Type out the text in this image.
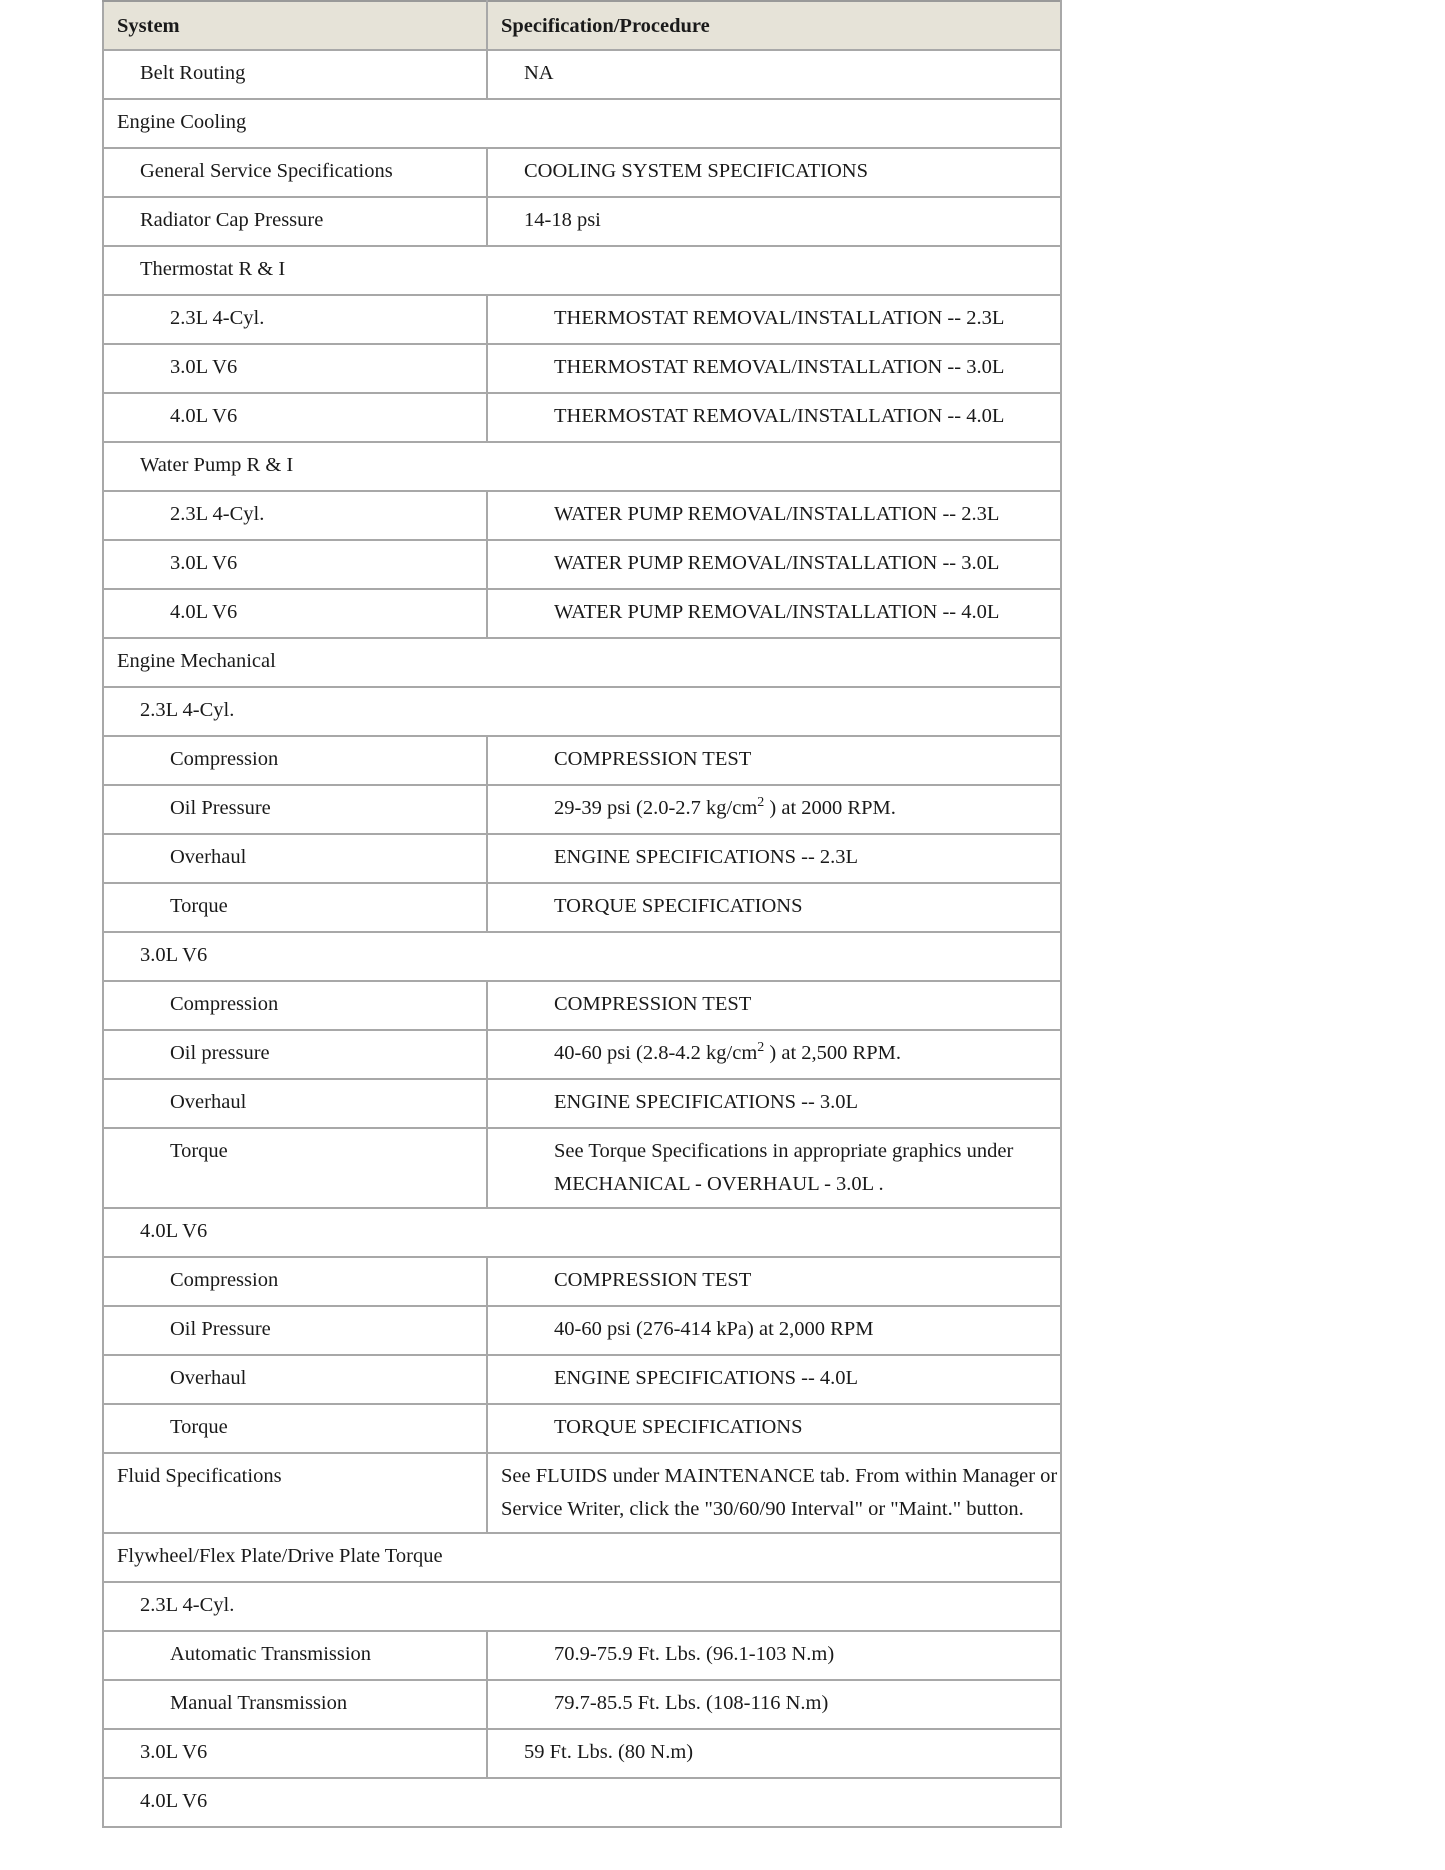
System	Specification/Procedure
Belt Routing	NA
Engine Cooling	
General Service Specifications	COOLING SYSTEM SPECIFICATIONS
Radiator Cap Pressure	14-18 psi
Thermostat R & I	
2.3L 4-Cyl.	THERMOSTAT REMOVAL/INSTALLATION -- 2.3L
3.0L V6	THERMOSTAT REMOVAL/INSTALLATION -- 3.0L
4.0L V6	THERMOSTAT REMOVAL/INSTALLATION -- 4.0L
Water Pump R & I	
2.3L 4-Cyl.	WATER PUMP REMOVAL/INSTALLATION -- 2.3L
3.0L V6	WATER PUMP REMOVAL/INSTALLATION -- 3.0L
4.0L V6	WATER PUMP REMOVAL/INSTALLATION -- 4.0L
Engine Mechanical	
2.3L 4-Cyl.	
Compression	COMPRESSION TEST
Oil Pressure	29-39 psi (2.0-2.7 $kg/cm^2$ ) at 2000 RPM.
Overhaul	ENGINE SPECIFICATIONS -- 2.3L
Torque	TORQUE SPECIFICATIONS
3.0L V6	
Compression	COMPRESSION TEST
Oil pressure	40-60 psi (2.8-4.2 $kg/cm^2$ ) at 2,500 RPM.
Overhaul	ENGINE SPECIFICATIONS -- 3.0L
Torque	See Torque Specifications in appropriate graphics under MECHANICAL - OVERHAUL - 3.0L .
4.0L V6	
Compression	COMPRESSION TEST
Oil Pressure	40-60 psi (276-414 kPa) at 2,000 RPM
Overhaul	ENGINE SPECIFICATIONS -- 4.0L
Torque	TORQUE SPECIFICATIONS
Fluid Specifications	See FLUIDS under MAINTENANCE tab. From within Manager or Service Writer, click the "30/60/90 Interval" or "Maint." button.
Flywheel/Flex Plate/Drive Plate Torque	
2.3L 4-Cyl.	
Automatic Transmission	70.9-75.9 Ft. Lbs. (96.1-103 N.m)
Manual Transmission	79.7-85.5 Ft. Lbs. (108-116 N.m)
3.0L V6	59 Ft. Lbs. (80 N.m)
4.0L V6	
